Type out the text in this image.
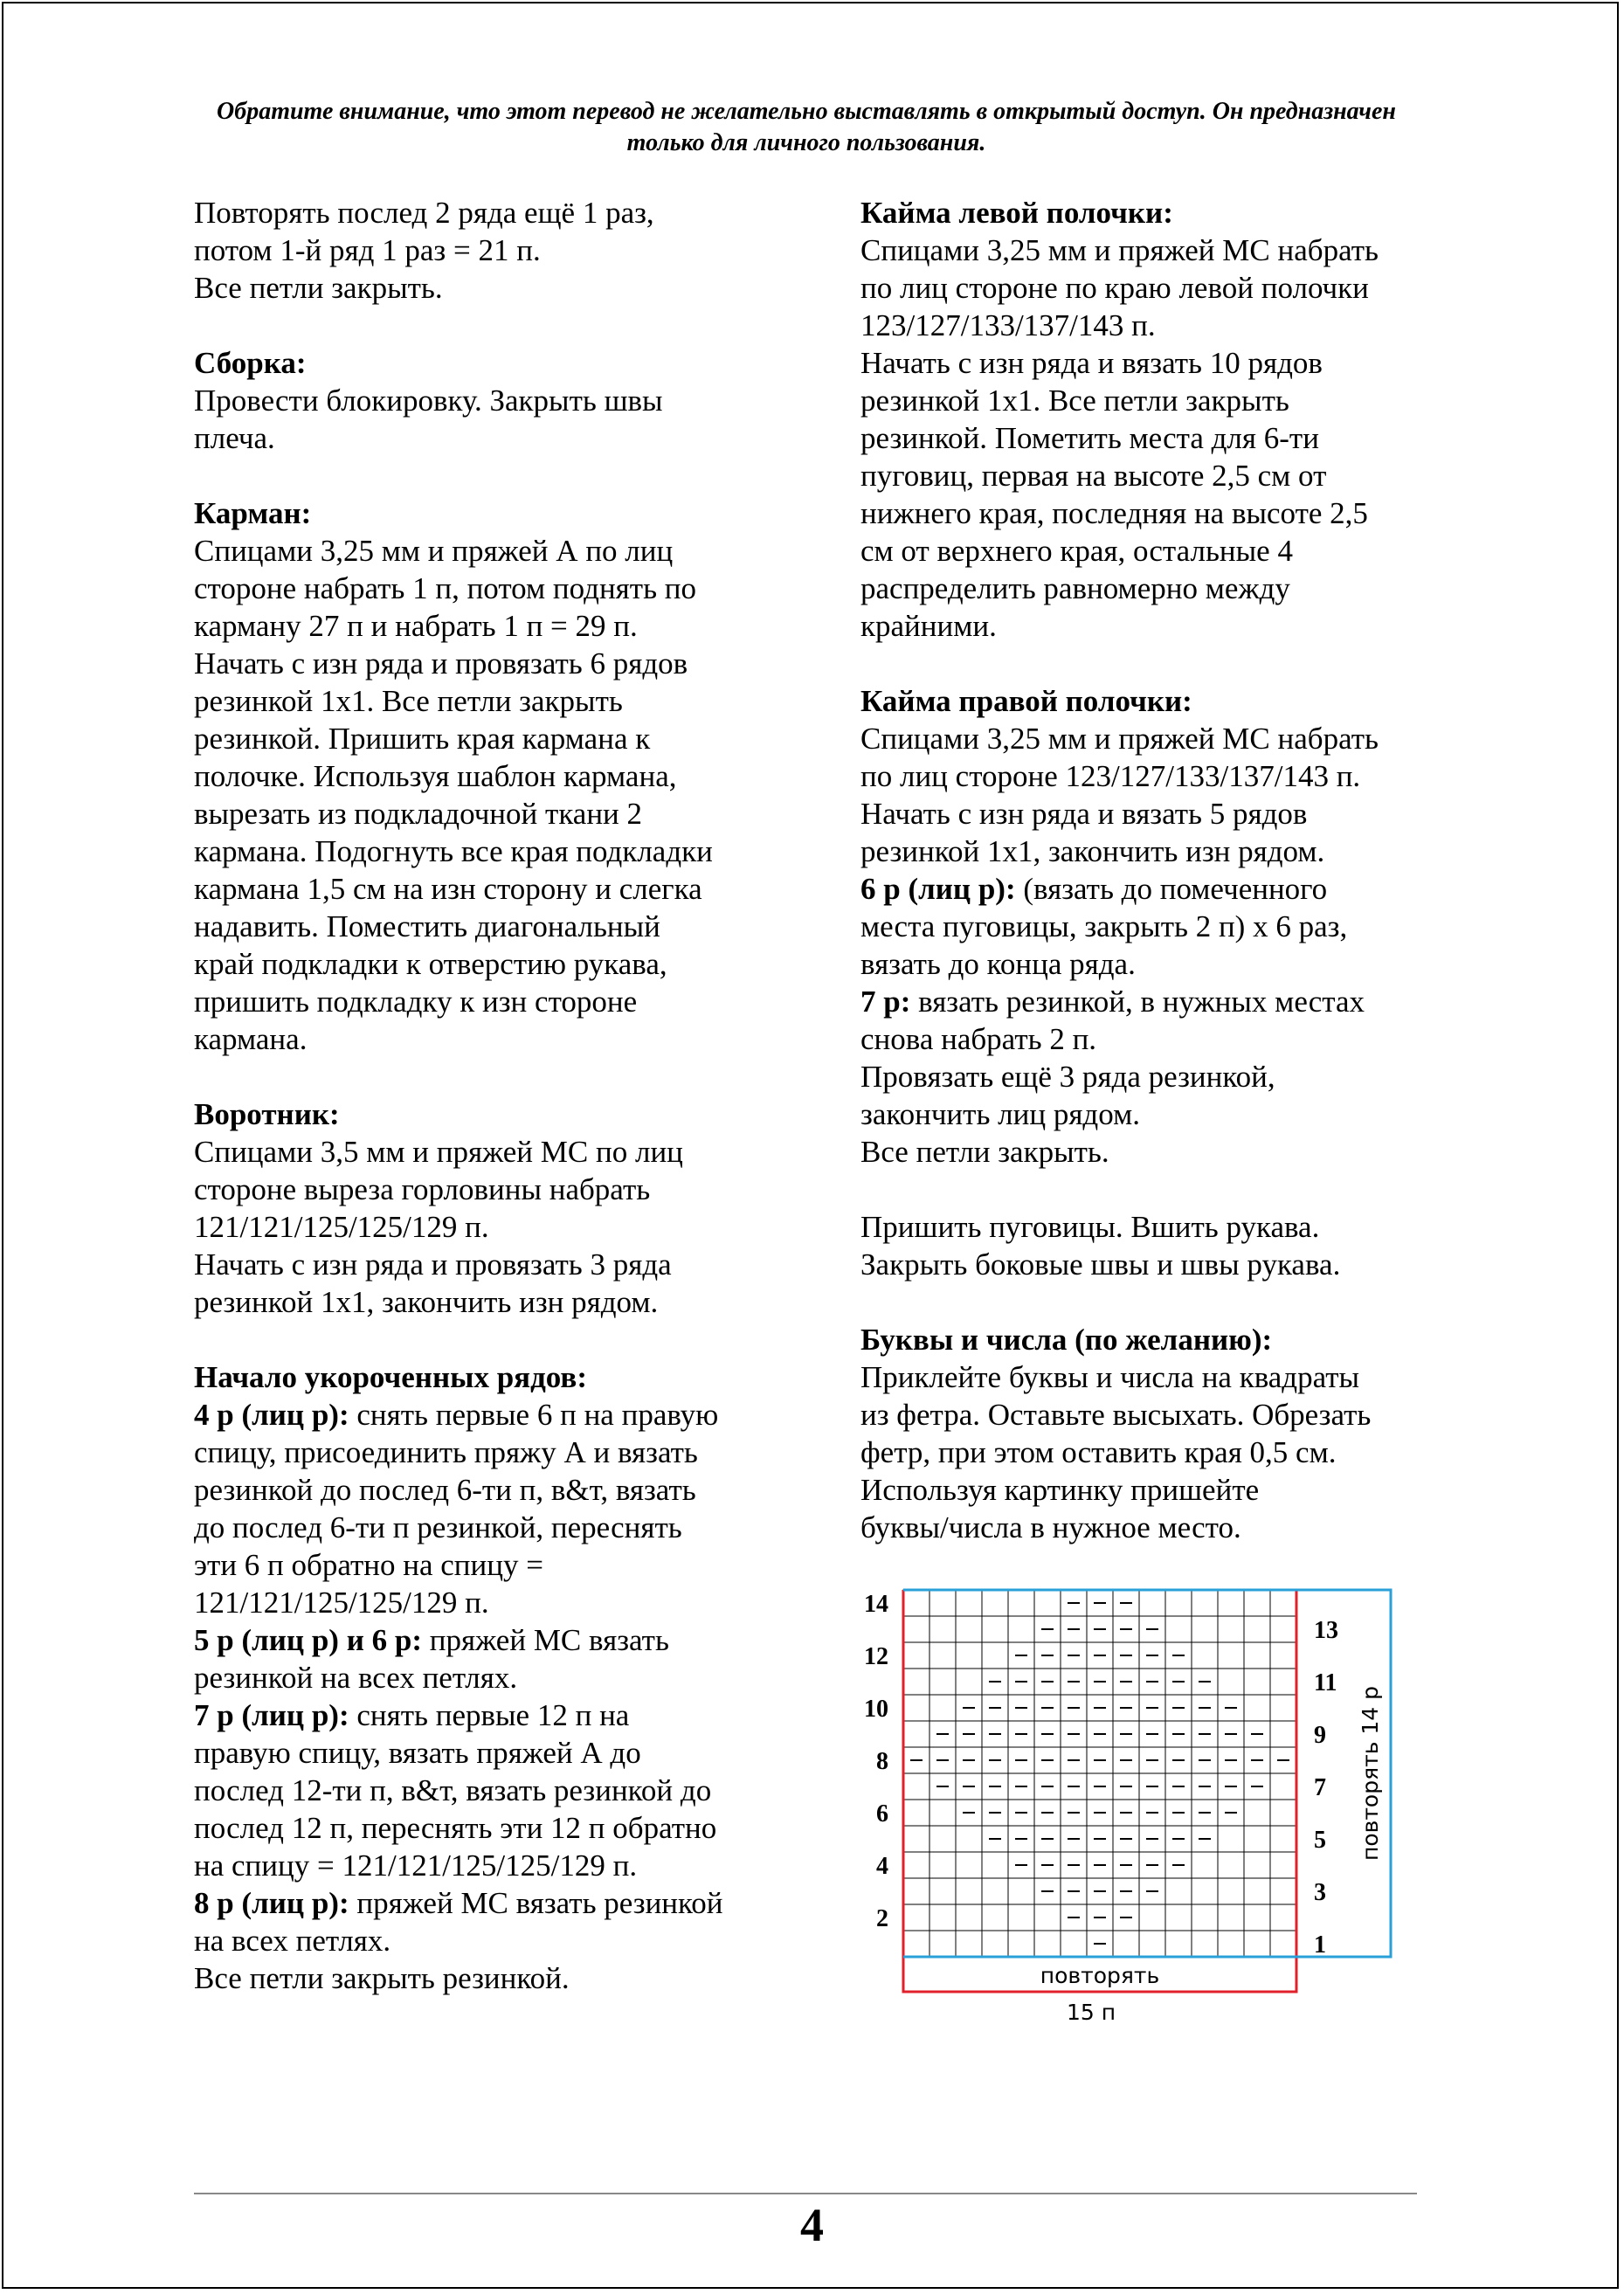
Обратите внимание, что этот перевод не желательно выставлять в открытый доступ. Он предназначен только для личного пользования.

Повторять послед 2 ряда ещё 1 раз,

потом 1-й ряд 1 раз = 21 п.

Все петли закрыть.

Сборка:

Провести блокировку. Закрыть швы

плеча.

Карман:

Спицами 3,25 мм и пряжей А по лиц

стороне набрать 1 п, потом поднять по

карману 27 п и набрать 1 п = 29 п.

Начать с изн ряда и провязать 6 рядов

резинкой 1x1. Все петли закрыть

резинкой. Пришить края кармана к

полочке. Используя шаблон кармана,

вырезать из подкладочной ткани 2

кармана. Подогнуть все края подкладки

кармана 1,5 см на изн сторону и слегка

надавить. Поместить диагональный

край подкладки к отверстию рукава,

пришить подкладку к изн стороне

кармана.

Воротник:

Спицами 3,5 мм и пряжей МС по лиц

стороне выреза горловины набрать

121/121/125/125/129 п.

Начать с изн ряда и провязать 3 ряда

резинкой 1x1, закончить изн рядом.

Начало укороченных рядов:

4 р (лиц р): снять первые 6 п на правую

спицу, присоединить пряжу А и вязать

резинкой до послед 6-ти п, в&т, вязать

до послед 6-ти п резинкой, переснять

эти 6 п обратно на спицу =

121/121/125/125/129 п.

5 р (лиц р) и 6 р: пряжей МС вязать

резинкой на всех петлях.

7 р (лиц р): снять первые 12 п на

правую спицу, вязать пряжей А до

послед 12-ти п, в&т, вязать резинкой до

послед 12 п, переснять эти 12 п обратно

на спицу = 121/121/125/125/129 п.

8 р (лиц р): пряжей МС вязать резинкой

на всех петлях.

Все петли закрыть резинкой.

Кайма левой полочки:

Спицами 3,25 мм и пряжей МС набрать

по лиц стороне по краю левой полочки

123/127/133/137/143 п.

Начать с изн ряда и вязать 10 рядов

резинкой 1x1. Все петли закрыть

резинкой. Пометить места для 6-ти

пуговиц, первая на высоте 2,5 см от

нижнего края, последняя на высоте 2,5

см от верхнего края, остальные 4

распределить равномерно между

крайними.

Кайма правой полочки:

Спицами 3,25 мм и пряжей МС набрать

по лиц стороне 123/127/133/137/143 п.

Начать с изн ряда и вязать 5 рядов

резинкой 1x1, закончить изн рядом.

6 р (лиц р): (вязать до помеченного

места пуговицы, закрыть 2 п) х 6 раз,

вязать до конца ряда.

7 р: вязать резинкой, в нужных местах

снова набрать 2 п.

Провязать ещё 3 ряда резинкой,

закончить лиц рядом.

Все петли закрыть.

Пришить пуговицы. Вшить рукава.

Закрыть боковые швы и швы рукава.

Буквы и числа (по желанию):

Приклейте буквы и числа на квадраты

из фетра. Оставьте высыхать. Обрезать

фетр, при этом оставить края 0,5 см.

Используя картинку пришейте

буквы/числа в нужное место.

2
4
6
8
10
12
14
1
3
5
7
9
11
13
повторять
15 п
повторять 14 р
4
